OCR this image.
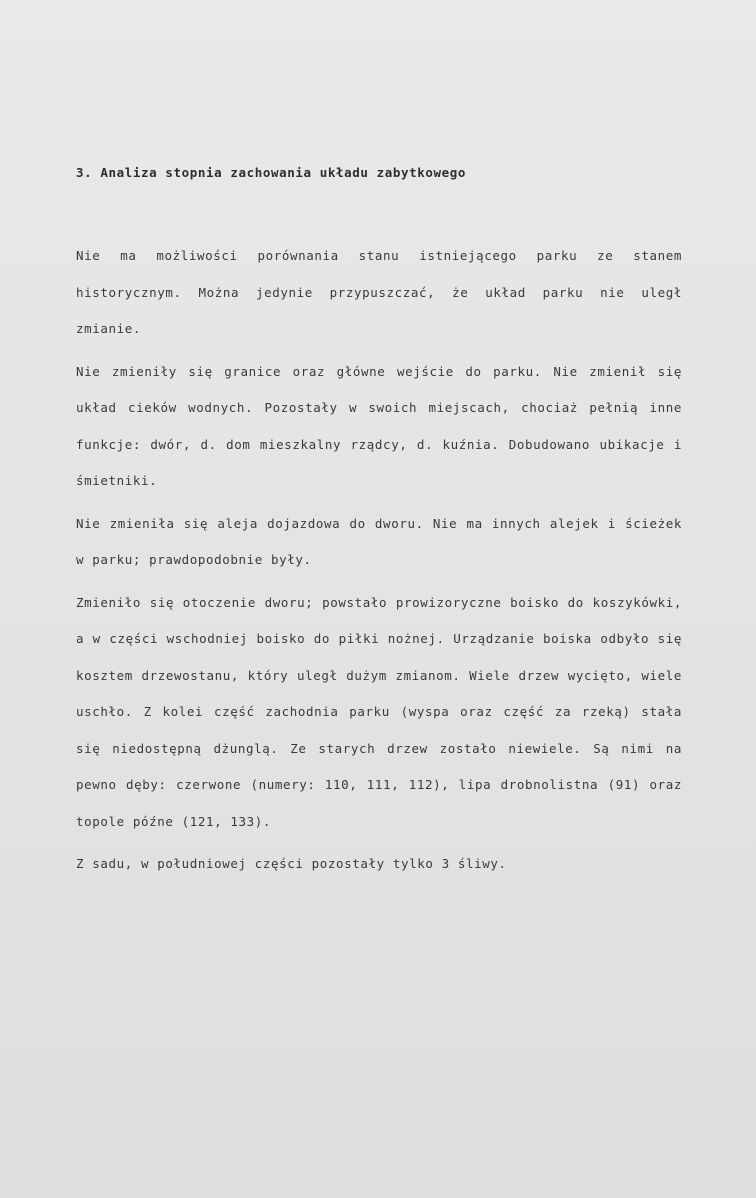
3. Analiza stopnia zachowania układu zabytkowego

Nie ma możliwości porównania stanu istniejącego parku ze stanem historycznym. Można jedynie przypuszczać, że układ parku nie uległ zmianie.

Nie zmieniły się granice oraz główne wejście do parku. Nie zmienił się układ cieków wodnych. Pozostały w swoich miejscach, chociaż pełnią inne funkcje: dwór, d. dom mieszkalny rządcy, d. kuźnia. Dobudowano ubikacje i śmietniki.

Nie zmieniła się aleja dojazdowa do dworu. Nie ma innych alejek i ścieżek w parku; prawdopodobnie były.

Zmieniło się otoczenie dworu; powstało prowizoryczne boisko do koszykówki, a w części wschodniej boisko do piłki nożnej. Urządzanie boiska odbyło się kosztem drzewostanu, który uległ dużym zmianom. Wiele drzew wycięto, wiele uschło. Z kolei część zachodnia parku (wyspa oraz część za rzeką) stała się niedostępną dżunglą. Ze starych drzew zostało niewiele. Są nimi na pewno dęby: czerwone (numery: 110, 111, 112), lipa drobnolistna (91) oraz topole późne (121, 133).

Z sadu, w południowej części pozostały tylko 3 śliwy.
